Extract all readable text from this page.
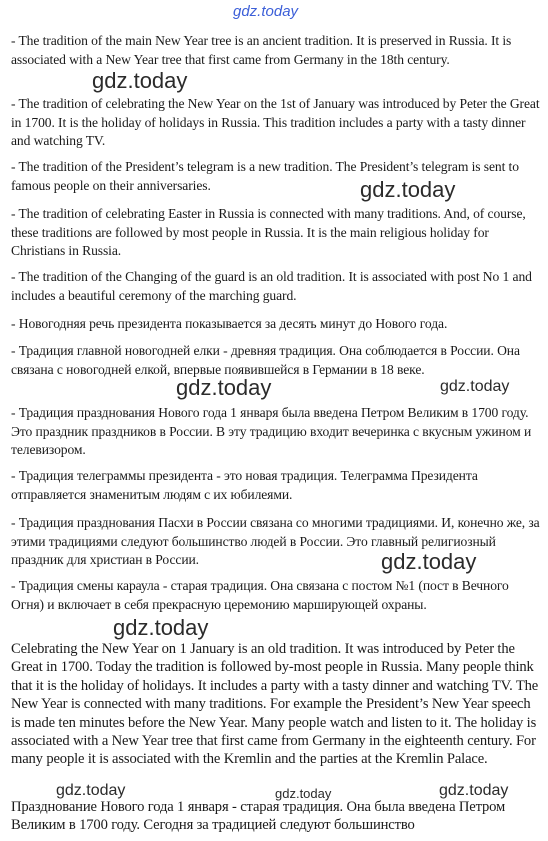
gdz.today

- The tradition of the main New Year tree is an ancient tradition. It is preserved in Russia. It is associated with a New Year tree that first came from Germany in the 18th century.

- The tradition of celebrating the New Year on the 1st of January was introduced by Peter the Great in 1700. It is the holiday of holidays in Russia. This tradition includes a party with a tasty dinner and watching TV.

- The tradition of the President’s telegram is a new tradition. The President’s telegram is sent to famous people on their anniversaries.

- The tradition of celebrating Easter in Russia is connected with many traditions. And, of course, these traditions are followed by most people in Russia. It is the main religious holiday for Christians in Russia.

- The tradition of the Changing of the guard is an old tradition. It is associated with post No 1 and includes a beautiful ceremony of the marching guard.

- Новогодняя речь президента показывается за десять минут до Нового года.

- Традиция главной новогодней елки - древняя традиция. Она соблюдается в России. Она связана с новогодней елкой, впервые появившейся в Германии в 18 веке.

- Традиция празднования Нового года 1 января была введена Петром Великим в 1700 году. Это праздник праздников в России. В эту традицию входит вечеринка с вкусным ужином и телевизором.

- Традиция телеграммы президента - это новая традиция. Телеграмма Президента отправляется знаменитым людям с их юбилеями.

- Традиция празднования Пасхи в России связана со многими традициями. И, конечно же, за этими традициями следуют большинство людей в России. Это главный религиозный праздник для христиан в России.

- Традиция смены караула - старая традиция. Она связана с постом №1 (пост в Вечного Огня) и включает в себя прекрасную церемонию марширующей охраны.

Celebrating the New Year on 1 January is an old tradition. It was introduced by Peter the Great in 1700. Today the tradition is followed by-most people in Russia. Many people think that it is the holiday of holidays. It includes a party with a tasty dinner and watching TV. The New Year is connected with many traditions. For example the President’s New Year speech is made ten minutes before the New Year. Many people watch and listen to it. The holiday is associated with a New Year tree that first came from Germany in the eighteenth century. For many people it is associated with the Kremlin and the parties at the Kremlin Palace.

Празднование Нового года 1 января - старая традиция. Она была введена Петром Великим в 1700 году. Сегодня за традицией следуют большинство

gdz.today
gdz.today
gdz.today	gdz.today
gdz.today
gdz.today
gdz.today	gdz.today	gdz.today
